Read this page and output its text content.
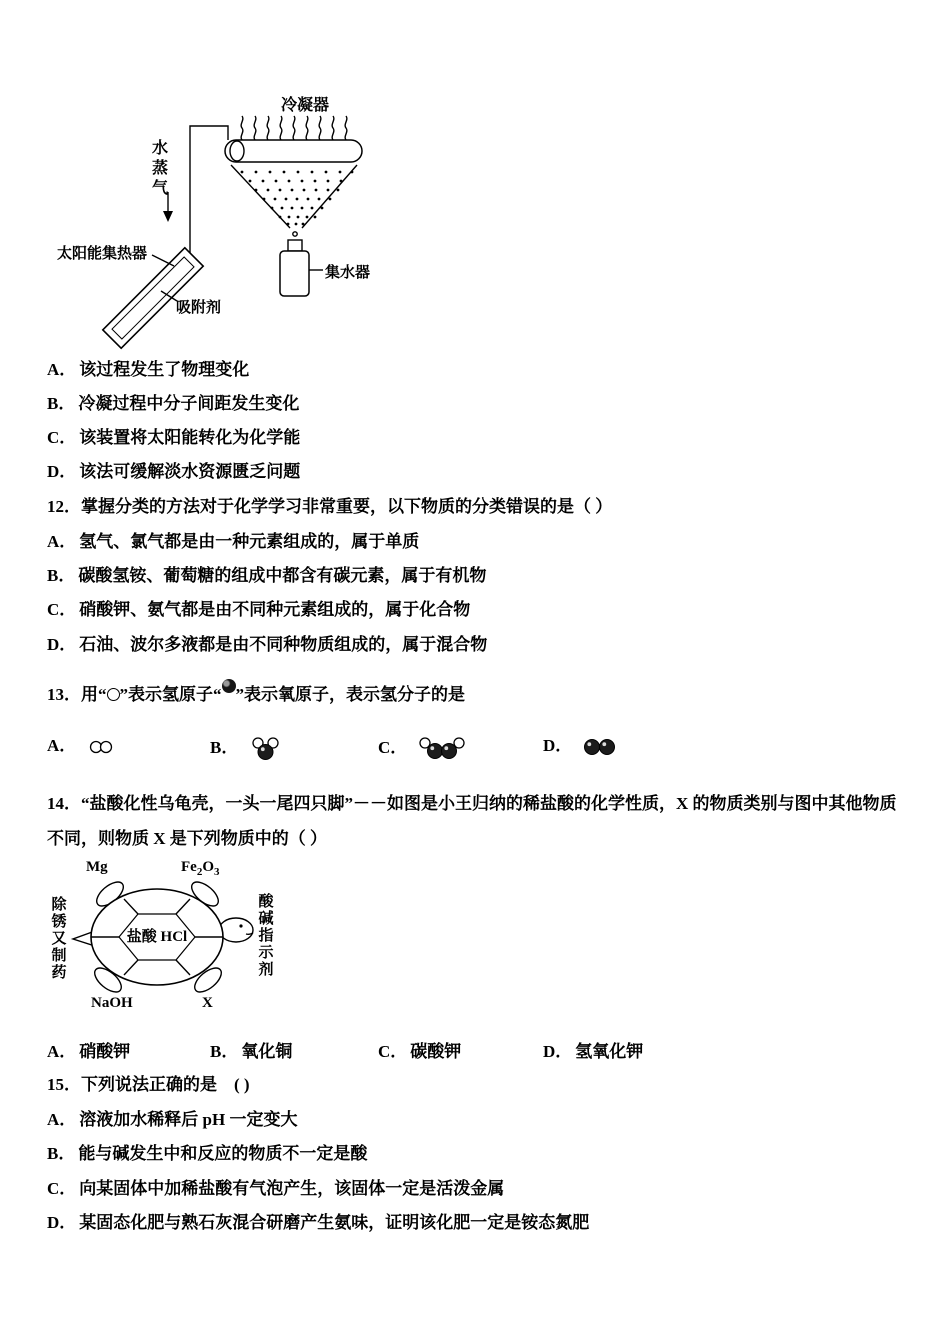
冷凝器
水蒸气
太阳能集热器
吸附剂
集水器
A． 该过程发生了物理变化
B． 冷凝过程中分子间距发生变化
C． 该装置将太阳能转化为化学能
D． 该法可缓解淡水资源匮乏问题
12．掌握分类的方法对于化学学习非常重要，以下物质的分类错误的是（ ）
A． 氢气、氯气都是由一种元素组成的，属于单质
B． 碳酸氢铵、葡萄糖的组成中都含有碳元素，属于有机物
C． 硝酸钾、氨气都是由不同种元素组成的，属于化合物
D． 石油、波尔多液都是由不同种物质组成的，属于混合物
13．用“ ”表示氢原子“ ”表示氧原子，表示氢分子的是
A．	B．	C．	D．
14．“盐酸化性乌龟壳，一头一尾四只脚”－－如图是小王归纳的稀盐酸的化学性质，X 的物质类别与图中其他物质不同，则物质 X 是下列物质中的（ ）
Mg	$Fe_2O_3$
除锈又制药
酸碱指示剂
盐酸 HCl
NaOH	X
A． 硝酸钾	B． 氧化铜	C． 碳酸钾	D． 氢氧化钾
15．下列说法正确的是　( )
A． 溶液加水稀释后 pH 一定变大
B． 能与碱发生中和反应的物质不一定是酸
C． 向某固体中加稀盐酸有气泡产生，该固体一定是活泼金属
D． 某固态化肥与熟石灰混合研磨产生氨味，证明该化肥一定是铵态氮肥
